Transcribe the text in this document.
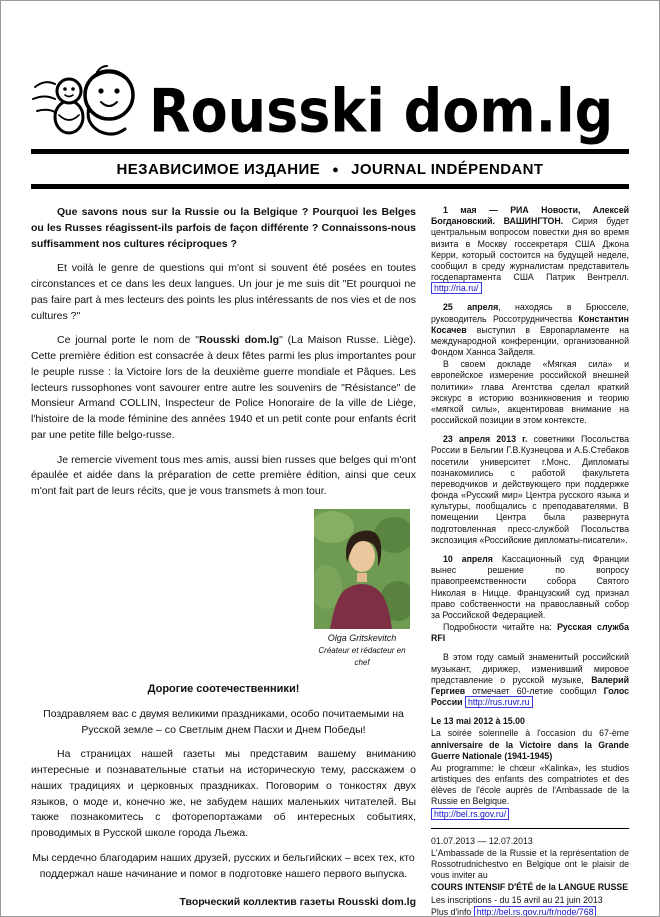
Rousski dom.lg
НЕЗАВИСИМОЕ ИЗДАНИЕ ● JOURNAL INDÉPENDANT

Que savons nous sur la Russie ou la Belgique ? Pourquoi les Belges ou les Russes réagissent-ils parfois de façon différente ? Connaissons-nous suffisamment nos cultures réciproques ?

Et voilà le genre de questions qui m'ont si souvent été posées en toutes circonstances et ce dans les deux langues. Un jour je me suis dit "Et pourquoi ne pas faire part à mes lecteurs des points les plus intéressants de nos vies et de nos cultures ?"

Ce journal porte le nom de "Rousski dom.lg" (La Maison Russe. Liège). Cette première édition est consacrée à deux fêtes parmi les plus importantes pour le peuple russe : la Victoire lors de la deuxième guerre mondiale et Pâques. Les lecteurs russophones vont savourer entre autre les souvenirs de "Résistance" de Monsieur Armand COLLIN, Inspecteur de Police Honoraire de la ville de Liège, l'histoire de la mode féminine des années 1940 et un petit conte pour enfants écrit par une petite fille belgo-russe.

Je remercie vivement tous mes amis, aussi bien russes que belges qui m'ont épaulée et aidée dans la préparation de cette première édition, ainsi que ceux m'ont fait part de leurs récits, que je vous transmets à mon tour.

Olga Gritskevitch
Créateur et rédacteur en chef
Дорогие соотечественники!

Поздравляем вас с двумя великими праздниками, особо почитаемыми на Русской земле – со Светлым днем Пасхи и Днем Победы!

На страницах нашей газеты мы представим вашему вниманию интересные и познавательные статьи на историческую тему, расскажем о наших традициях и церковных праздниках. Поговорим о тонкостях двух языков, о моде и, конечно же, не забудем наших маленьких читателей. Вы также познакомитесь с фоторепортажами об интересных событиях, проводимых в Русской школе города Льежа.

Мы сердечно благодарим наших друзей, русских и бельгийских – всех тех, кто поддержал наше начинание и помог в подготовке нашего первого выпуска.

Творческий коллектив газеты Rousski dom.lg

1 мая — РИА Новости, Алексей Богдановский. ВАШИНГТОН. Сирия будет центральным вопросом повестки дня во время визита в Москву госсекретаря США Джона Керри, который состоится на будущей неделе, сообщил в среду журналистам представитель госдепартамента США Патрик Вентрелл. http://ria.ru/

25 апреля, находясь в Брюсселе, руководитель Россотрудничества Константин Косачев выступил в Европарламенте на международной конференции, организованной Фондом Ханнса Зайделя.

В своем докладе «Мягкая сила» и европейское измерение российской внешней политики» глава Агентства сделал краткий экскурс в историю возникновения и теорию «мягкой силы», акцентировав внимание на российской позиции в этом контексте.

23 апреля 2013 г. советники Посольства России в Бельгии Г.В.Кузнецова и А.Б.Стебаков посетили университет г.Монс. Дипломаты познакомились с работой факультета переводчиков и действующего при поддержке фонда «Русский мир» Центра русского языка и культуры, пообщались с преподавателями. В помещении Центра была развернута подготовленная пресс-службой Посольства экспозиция «Российские дипломаты-писатели».

10 апреля Кассационный суд Франции вынес решение по вопросу правопреемственности собора Святого Николая в Ницце. Французский суд признал право собственности на православный собор за Российской Федерацией.

Подробности читайте на: Русская служба RFI

В этом году самый знаменитый российский музыкант, дирижер, изменивший мировое представление о русской музыке, Валерий Гергиев отмечает 60-летие сообщил Голос России http://rus.ruvr.ru

Le 13 mai 2012 à 15.00

La soirée solennelle à l'occasion du 67-ème anniversaire de la Victoire dans la Grande Guerre Nationale (1941-1945)

Au programme: le chœur «Kalinka», les studios artistiques des enfants des compatriotes et des élèves de l'école auprès de l'Ambassade de la Russie en Belgique.

http://bel.rs.gov.ru/

01.07.2013 — 12.07.2013

L'Ambassade de la Russie et la représentation de Rossotrudnichestvo en Belgique ont le plaisir de vous inviter au

COURS INTENSIF D'ÉTÉ de la LANGUE RUSSE

Les inscriptions - du 15 avril au 21 juin 2013

Plus d'info http://bel.rs.gov.ru/fr/node/768
